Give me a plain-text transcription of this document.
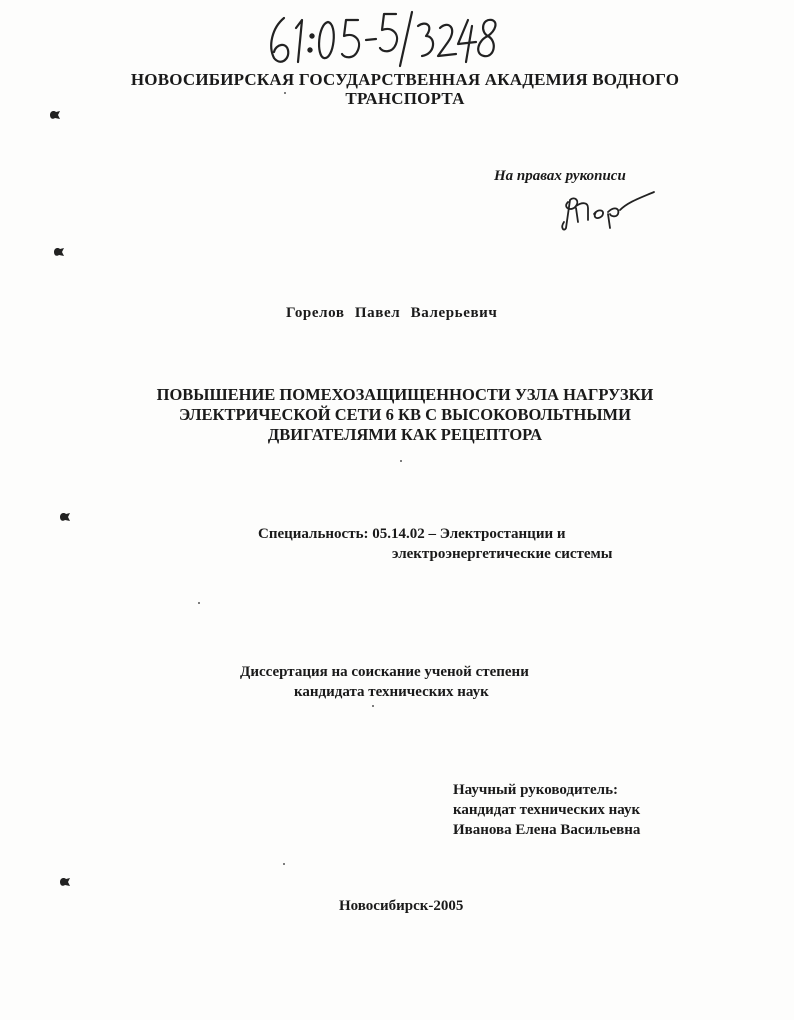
НОВОСИБИРСКАЯ ГОСУДАРСТВЕННАЯ АКАДЕМИЯ ВОДНОГО
ТРАНСПОРТА
На правах рукописи
Горелов Павел Валерьевич
ПОВЫШЕНИЕ ПОМЕХОЗАЩИЩЕННОСТИ УЗЛА НАГРУЗКИ
ЭЛЕКТРИЧЕСКОЙ СЕТИ 6 КВ С ВЫСОКОВОЛЬТНЫМИ
ДВИГАТЕЛЯМИ КАК РЕЦЕПТОРА
Специальность: 05.14.02 – Электростанции и
электроэнергетические системы
Диссертация на соискание ученой степени
кандидата технических наук
Научный руководитель:
кандидат технических наук
Иванова Елена Васильевна
Новосибирск-2005
